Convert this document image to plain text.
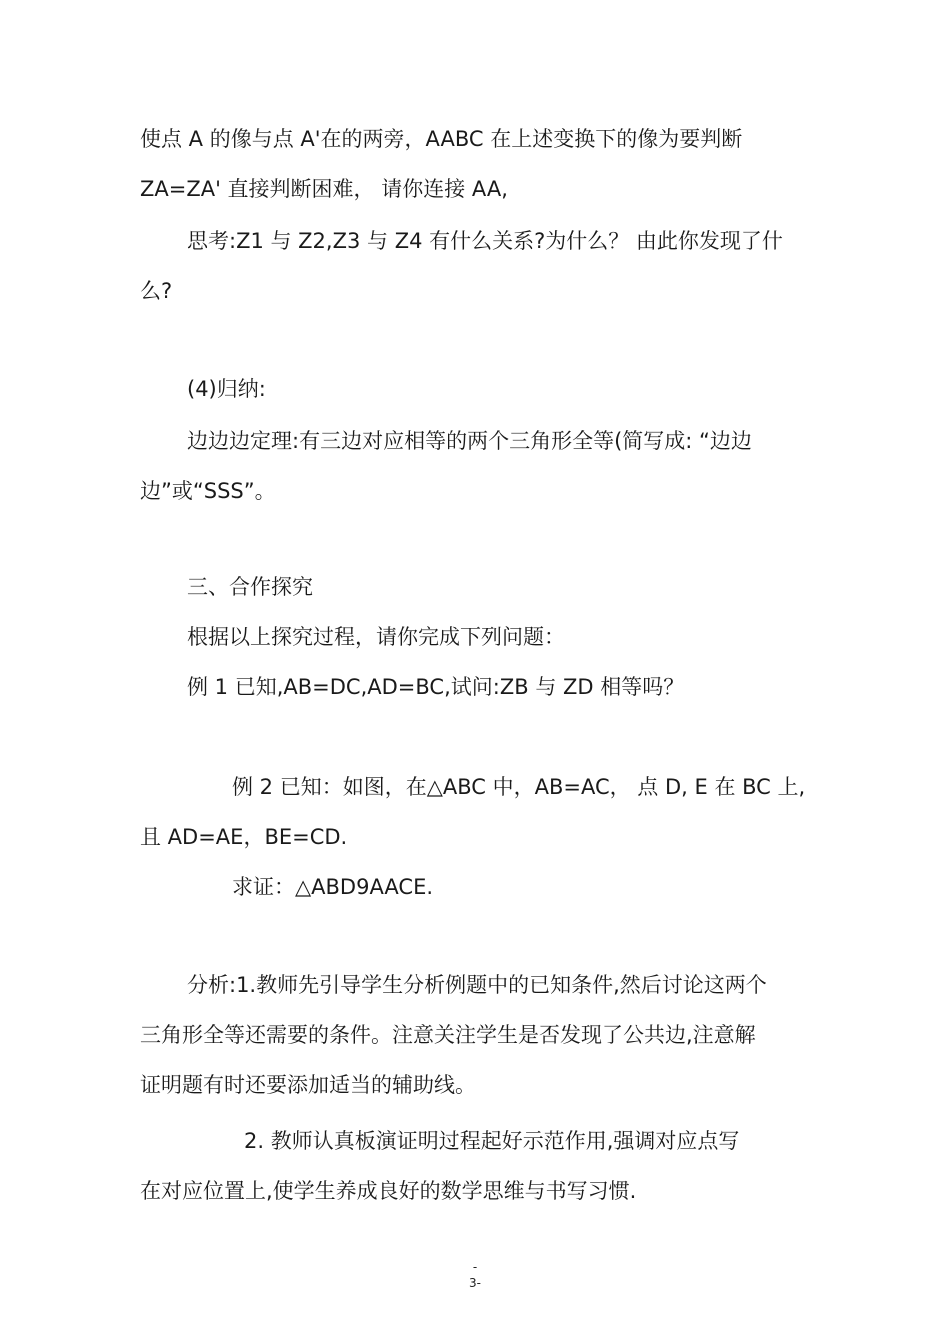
使点 A 的像与点 A'在的两旁，AABC 在上述变换下的像为要判断
ZA=ZA' 直接判断困难， 请你连接 AA,
思考:Z1 与 Z2,Z3 与 Z4 有什么关系?为什么？ 由此你发现了什
么?
(4)归纳:
边边边定理:有三边对应相等的两个三角形全等(简写成: “边边
边”或“SSS”。
三、合作探究
根据以上探究过程，请你完成下列问题：
例 1 已知,AB=DC,AD=BC,试问:ZB 与 ZD 相等吗？
例 2 已知：如图，在△ABC 中，AB=AC， 点 D, E 在 BC 上,
且 AD=AE，BE=CD.
求证：△ABD9AACE.
分析:1.教师先引导学生分析例题中的已知条件,然后讨论这两个
三角形全等还需要的条件。注意关注学生是否发现了公共边,注意解
证明题有时还要添加适当的辅助线。
2. 教师认真板演证明过程起好示范作用,强调对应点写
在对应位置上,使学生养成良好的数学思维与书写习惯.
-
3-
